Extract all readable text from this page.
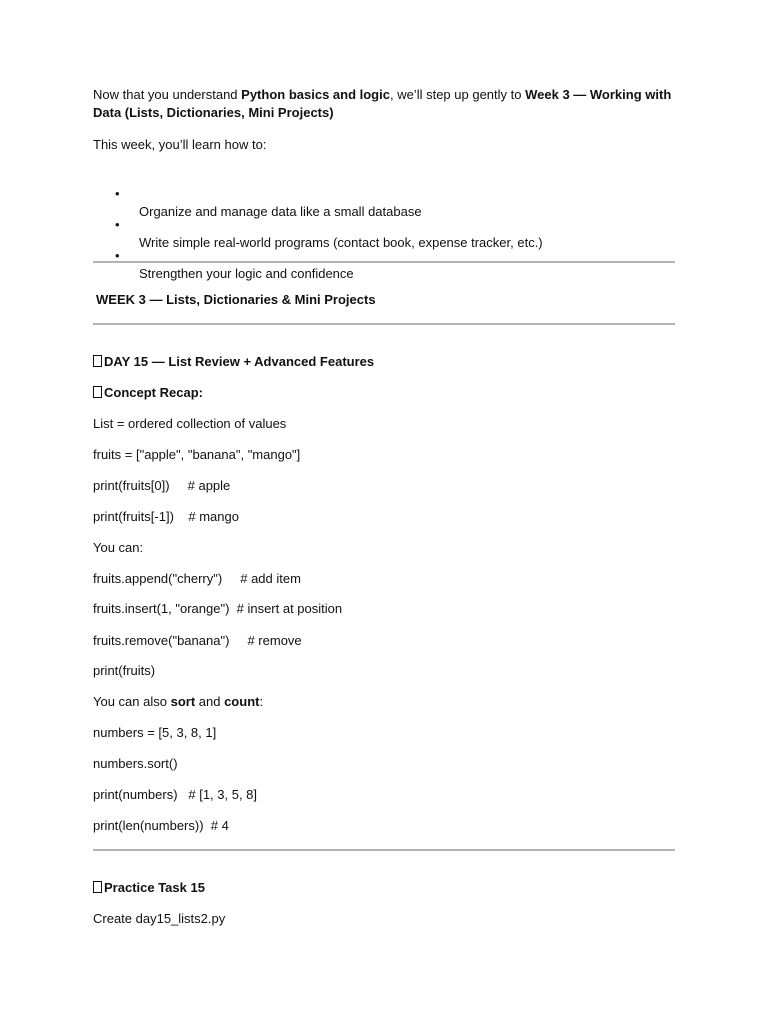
Now that you understand Python basics and logic, we’ll step up gently to Week 3 — Working with Data (Lists, Dictionaries, Mini Projects)
This week, you’ll learn how to:

•

Organize and manage data like a small database

•

Write simple real-world programs (contact book, expense tracker, etc.)

•

Strengthen your logic and confidence

WEEK 3 — Lists, Dictionaries & Mini Projects
DAY 15 — List Review + Advanced Features
Concept Recap:
List = ordered collection of values
fruits = ["apple", "banana", "mango"]
print(fruits[0])     # apple
print(fruits[-1])    # mango
You can:
fruits.append("cherry")     # add item
fruits.insert(1, "orange")  # insert at position
fruits.remove("banana")     # remove
print(fruits)
You can also sort and count:
numbers = [5, 3, 8, 1]
numbers.sort()
print(numbers)   # [1, 3, 5, 8]
print(len(numbers))  # 4
Practice Task 15
Create day15_lists2.py
